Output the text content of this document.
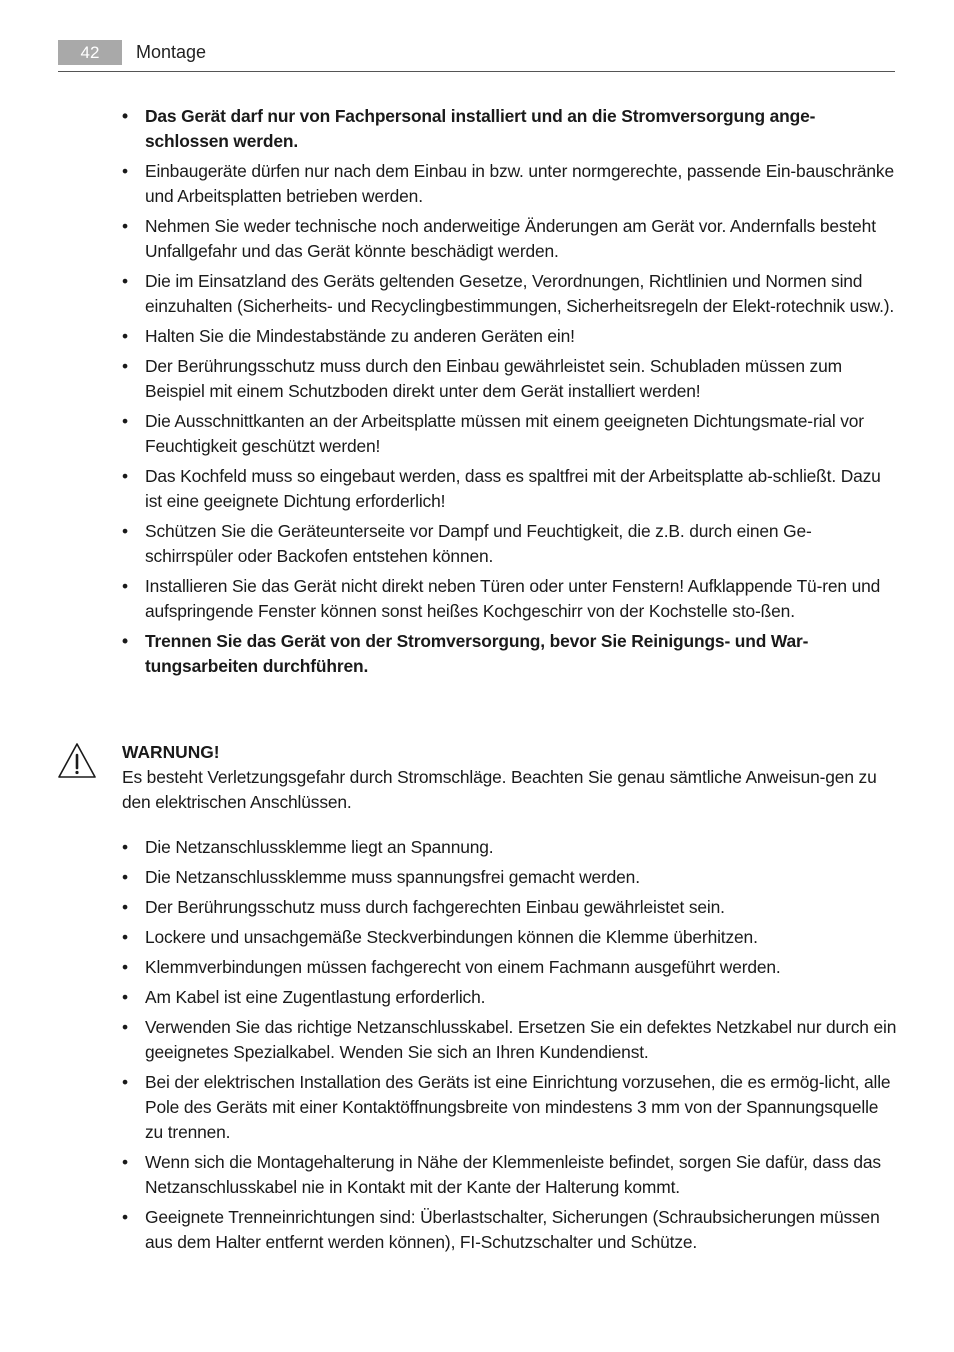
42	Montage
• Das Gerät darf nur von Fachpersonal installiert und an die Stromversorgung ange-schlossen werden.
• Einbaugeräte dürfen nur nach dem Einbau in bzw. unter normgerechte, passende Ein-bauschränke und Arbeitsplatten betrieben werden.
• Nehmen Sie weder technische noch anderweitige Änderungen am Gerät vor. Andernfalls besteht Unfallgefahr und das Gerät könnte beschädigt werden.
• Die im Einsatzland des Geräts geltenden Gesetze, Verordnungen, Richtlinien und Normen sind einzuhalten (Sicherheits- und Recyclingbestimmungen, Sicherheitsregeln der Elekt-rotechnik usw.).
• Halten Sie die Mindestabstände zu anderen Geräten ein!
• Der Berührungsschutz muss durch den Einbau gewährleistet sein. Schubladen müssen zum Beispiel mit einem Schutzboden direkt unter dem Gerät installiert werden!
• Die Ausschnittkanten an der Arbeitsplatte müssen mit einem geeigneten Dichtungsmate-rial vor Feuchtigkeit geschützt werden!
• Das Kochfeld muss so eingebaut werden, dass es spaltfrei mit der Arbeitsplatte ab-schließt. Dazu ist eine geeignete Dichtung erforderlich!
• Schützen Sie die Geräteunterseite vor Dampf und Feuchtigkeit, die z.B. durch einen Ge-schirrspüler oder Backofen entstehen können.
• Installieren Sie das Gerät nicht direkt neben Türen oder unter Fenstern! Aufklappende Tü-ren und aufspringende Fenster können sonst heißes Kochgeschirr von der Kochstelle sto-ßen.
• Trennen Sie das Gerät von der Stromversorgung, bevor Sie Reinigungs- und War-tungsarbeiten durchführen.
WARNUNG!
Es besteht Verletzungsgefahr durch Stromschläge. Beachten Sie genau sämtliche Anweisun-gen zu den elektrischen Anschlüssen.
• Die Netzanschlussklemme liegt an Spannung.
• Die Netzanschlussklemme muss spannungsfrei gemacht werden.
• Der Berührungsschutz muss durch fachgerechten Einbau gewährleistet sein.
• Lockere und unsachgemäße Steckverbindungen können die Klemme überhitzen.
• Klemmverbindungen müssen fachgerecht von einem Fachmann ausgeführt werden.
• Am Kabel ist eine Zugentlastung erforderlich.
• Verwenden Sie das richtige Netzanschlusskabel. Ersetzen Sie ein defektes Netzkabel nur durch ein geeignetes Spezialkabel. Wenden Sie sich an Ihren Kundendienst.
• Bei der elektrischen Installation des Geräts ist eine Einrichtung vorzusehen, die es ermög-licht, alle Pole des Geräts mit einer Kontaktöffnungsbreite von mindestens 3 mm von der Spannungsquelle zu trennen.
• Wenn sich die Montagehalterung in Nähe der Klemmenleiste befindet, sorgen Sie dafür, dass das Netzanschlusskabel nie in Kontakt mit der Kante der Halterung kommt.
• Geeignete Trenneinrichtungen sind: Überlastschalter, Sicherungen (Schraubsicherungen müssen aus dem Halter entfernt werden können), FI-Schutzschalter und Schütze.
